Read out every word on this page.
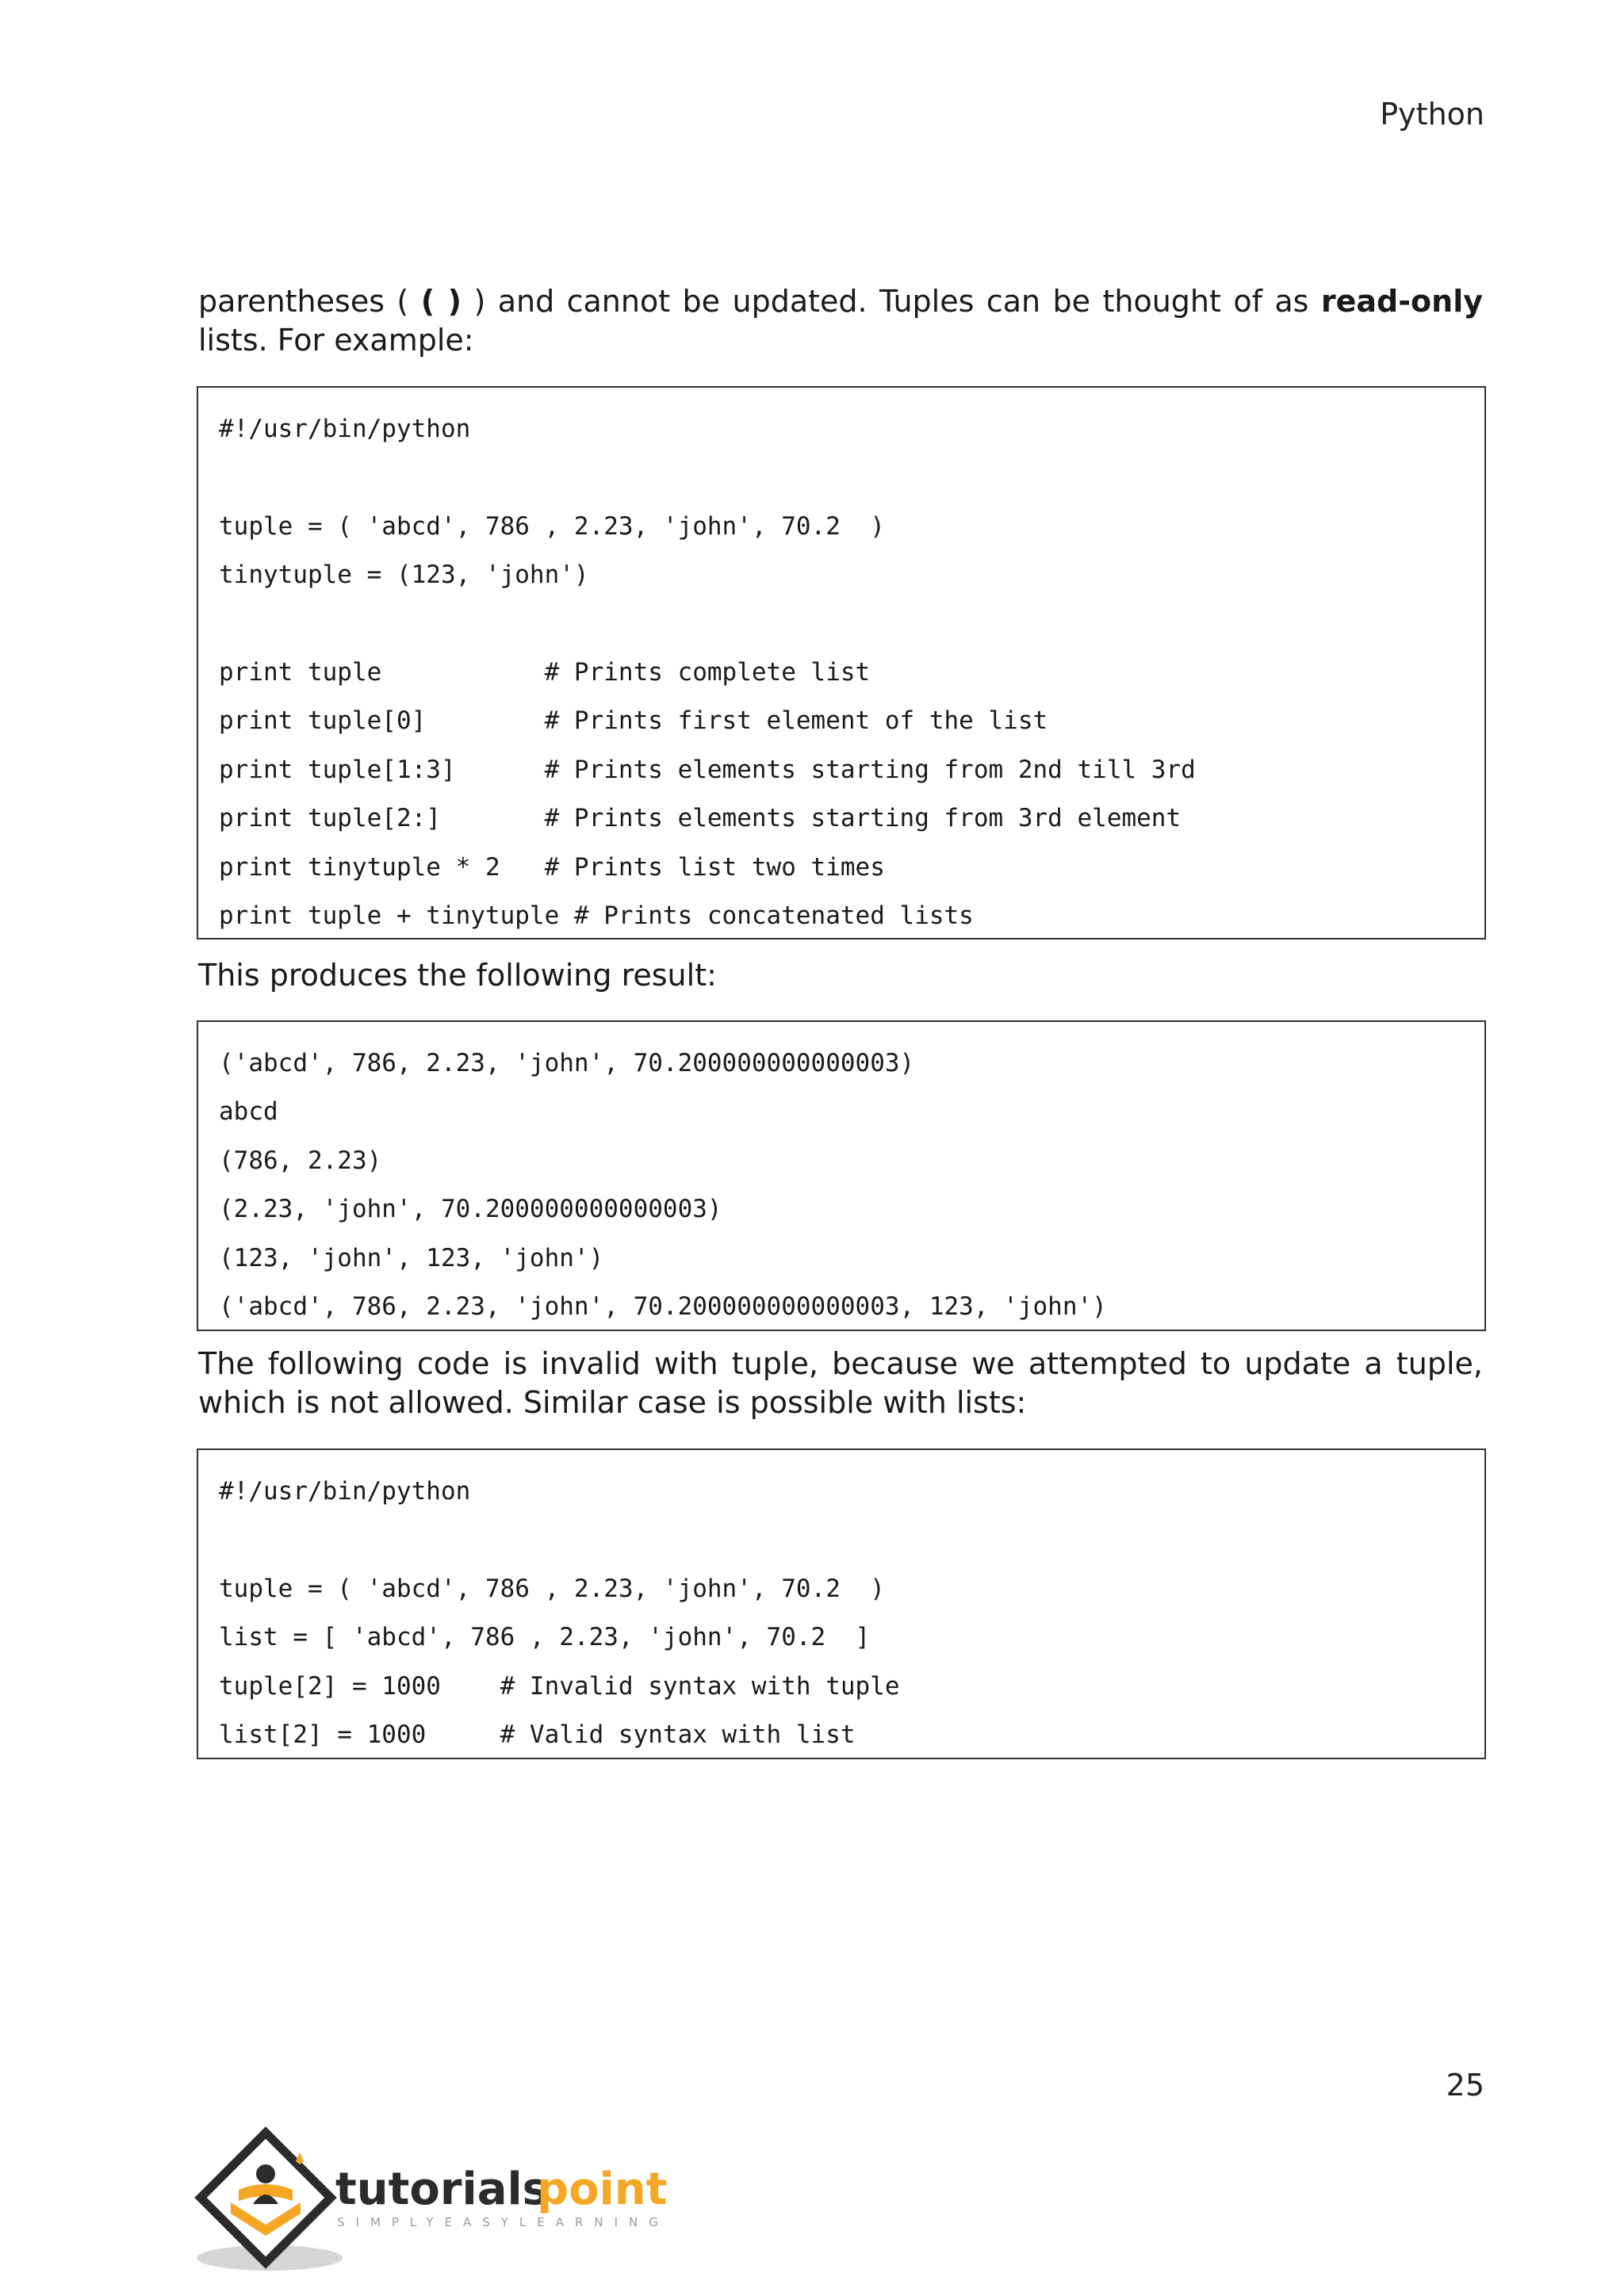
Python

parentheses ( ( ) ) and cannot be updated. Tuples can be thought of as read-only lists. For example:

#!/usr/bin/python
tuple = ( 'abcd', 786 , 2.23, 'john', 70.2  )
tinytuple = (123, 'john')
print tuple           # Prints complete list
print tuple[0]        # Prints first element of the list
print tuple[1:3]      # Prints elements starting from 2nd till 3rd
print tuple[2:]       # Prints elements starting from 3rd element
print tinytuple * 2   # Prints list two times
print tuple + tinytuple # Prints concatenated lists

This produces the following result:

('abcd', 786, 2.23, 'john', 70.200000000000003)
abcd
(786, 2.23)
(2.23, 'john', 70.200000000000003)
(123, 'john', 123, 'john')
('abcd', 786, 2.23, 'john', 70.200000000000003, 123, 'john')

The following code is invalid with tuple, because we attempted to update a tuple, which is not allowed. Similar case is possible with lists:

#!/usr/bin/python
tuple = ( 'abcd', 786 , 2.23, 'john', 70.2  )
list = [ 'abcd', 786 , 2.23, 'john', 70.2  ]
tuple[2] = 1000    # Invalid syntax with tuple
list[2] = 1000     # Valid syntax with list
25
tutorials
point
SIMPLYEASYLEARNING
